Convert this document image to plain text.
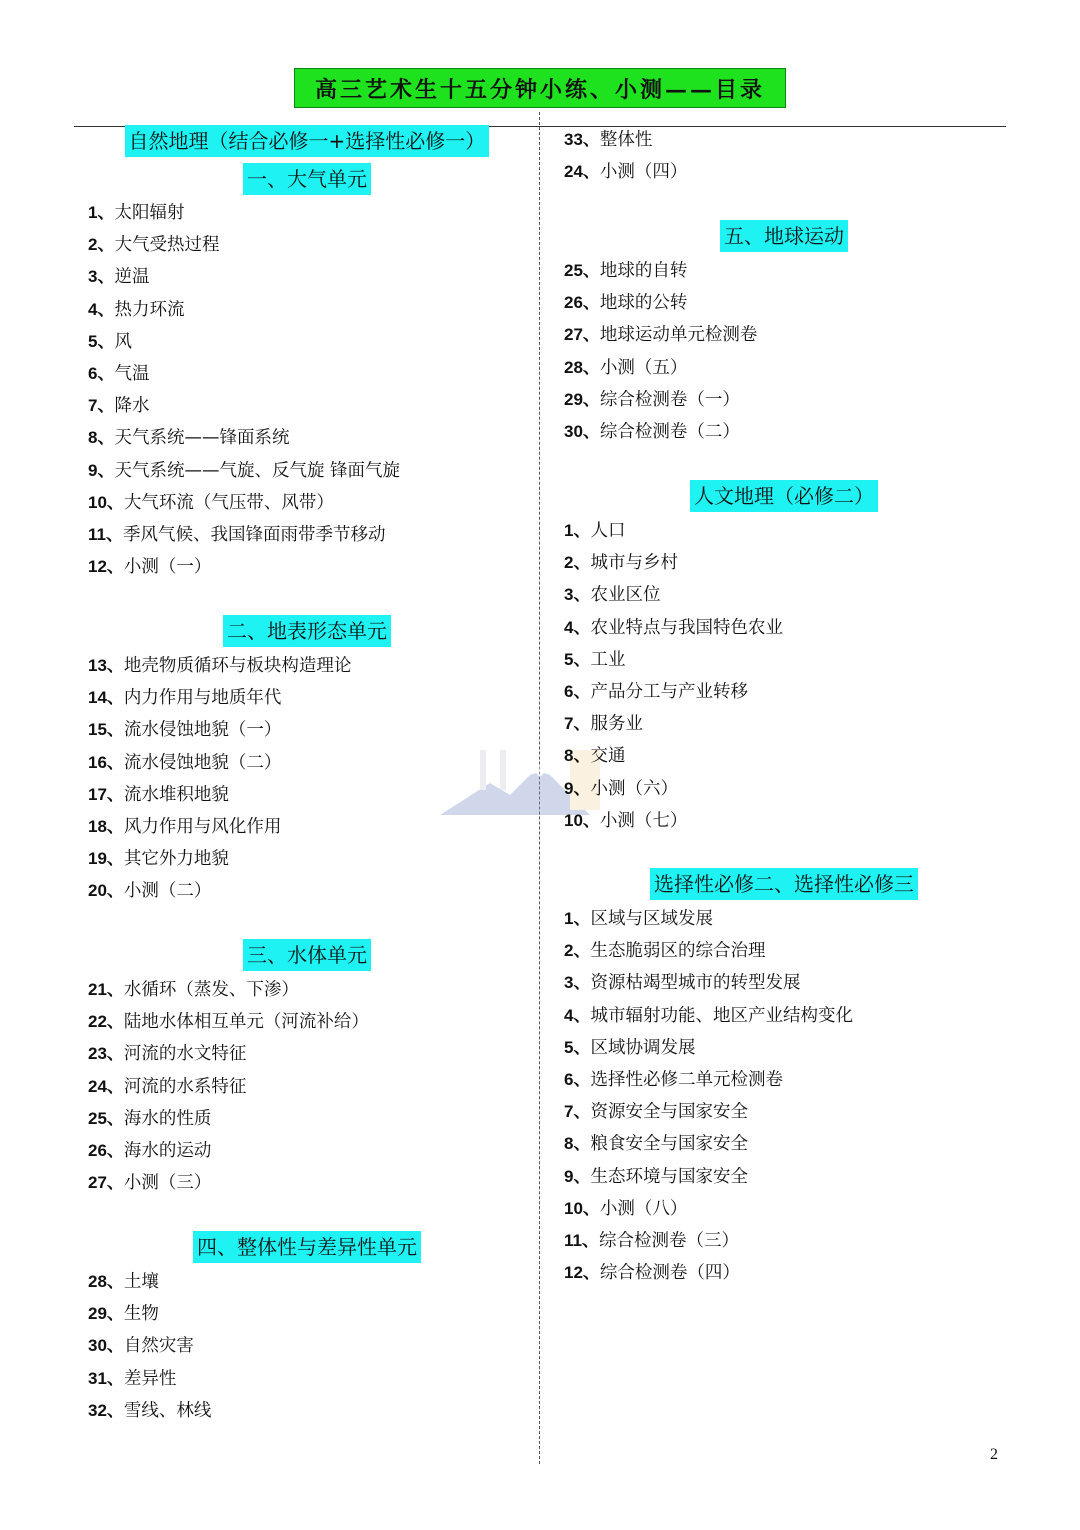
高三艺术生十五分钟小练、小测——目录
自然地理（结合必修一+选择性必修一）
一、大气单元
1、太阳辐射
2、大气受热过程
3、逆温
4、热力环流
5、风
6、气温
7、降水
8、天气系统——锋面系统
9、天气系统——气旋、反气旋 锋面气旋
10、大气环流（气压带、风带）
11、季风气候、我国锋面雨带季节移动
12、小测（一）
二、地表形态单元
13、地壳物质循环与板块构造理论
14、内力作用与地质年代
15、流水侵蚀地貌（一）
16、流水侵蚀地貌（二）
17、流水堆积地貌
18、风力作用与风化作用
19、其它外力地貌
20、小测（二）
三、水体单元
21、水循环（蒸发、下渗）
22、陆地水体相互单元（河流补给）
23、河流的水文特征
24、河流的水系特征
25、海水的性质
26、海水的运动
27、小测（三）
四、整体性与差异性单元
28、土壤
29、生物
30、自然灾害
31、差异性
32、雪线、林线
33、整体性
24、小测（四）
五、地球运动
25、地球的自转
26、地球的公转
27、地球运动单元检测卷
28、小测（五）
29、综合检测卷（一）
30、综合检测卷（二）
人文地理（必修二）
1、人口
2、城市与乡村
3、农业区位
4、农业特点与我国特色农业
5、工业
6、产品分工与产业转移
7、服务业
8、交通
9、小测（六）
10、小测（七）
选择性必修二、选择性必修三
1、区域与区域发展
2、生态脆弱区的综合治理
3、资源枯竭型城市的转型发展
4、城市辐射功能、地区产业结构变化
5、区域协调发展
6、选择性必修二单元检测卷
7、资源安全与国家安全
8、粮食安全与国家安全
9、生态环境与国家安全
10、小测（八）
11、综合检测卷（三）
12、综合检测卷（四）
2
